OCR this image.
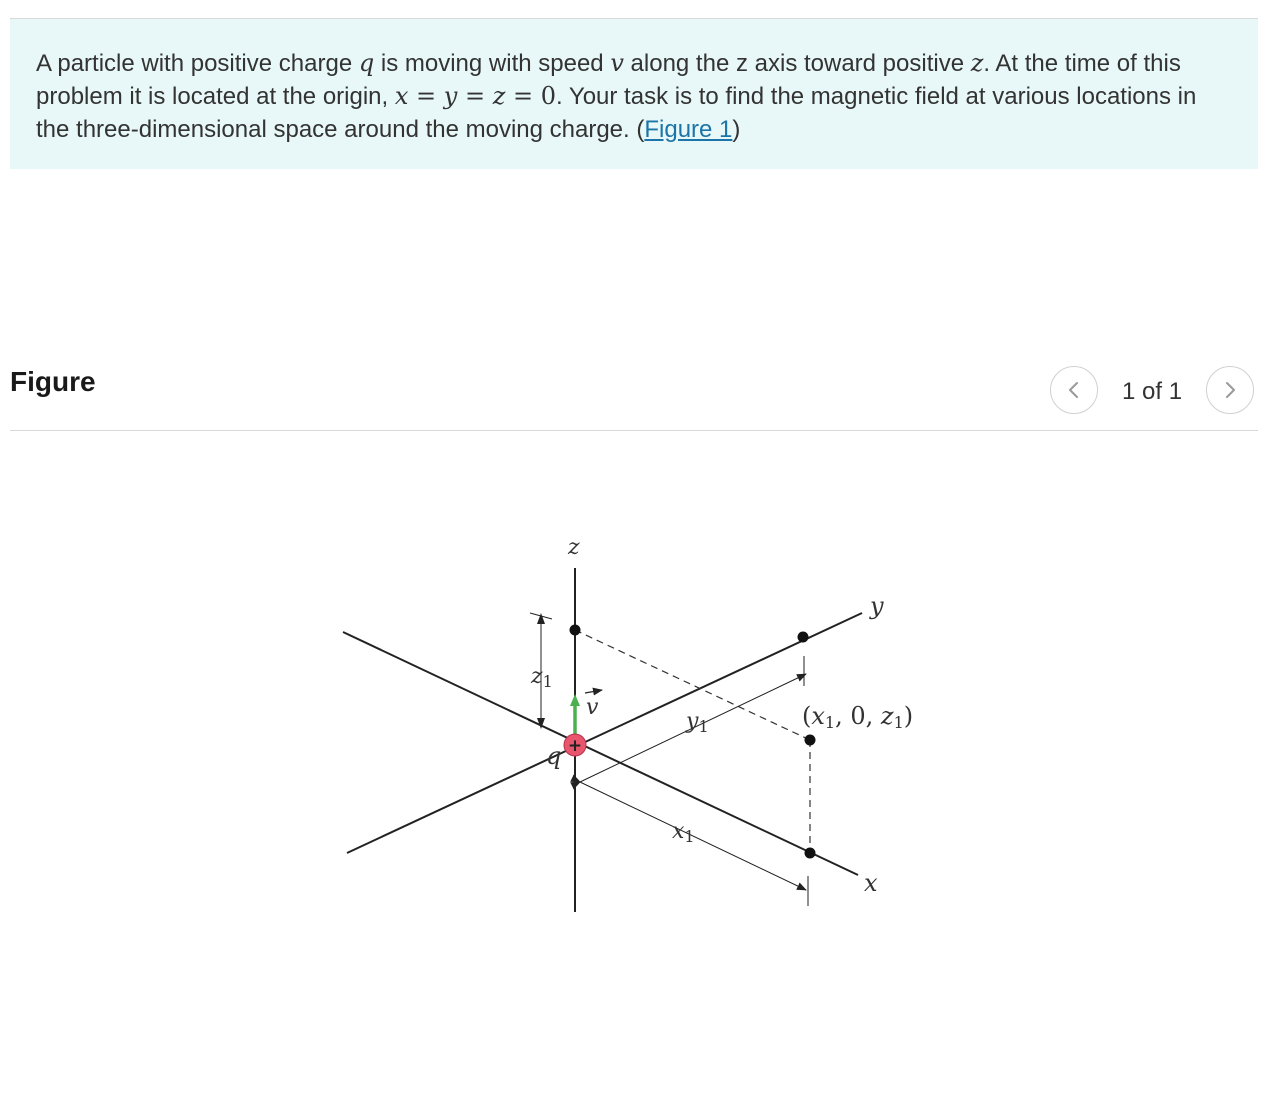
A particle with positive charge q is moving with speed v along the z axis toward positive z. At the time of this problem it is located at the origin, x = y = z = 0. Your task is to find the magnetic field at various locations in the three-dimensional space around the moving charge. (Figure 1)

Figure	1 of 1
+
z
y
x
z1
y1
x1
v
q
(x1, 0, z1)
